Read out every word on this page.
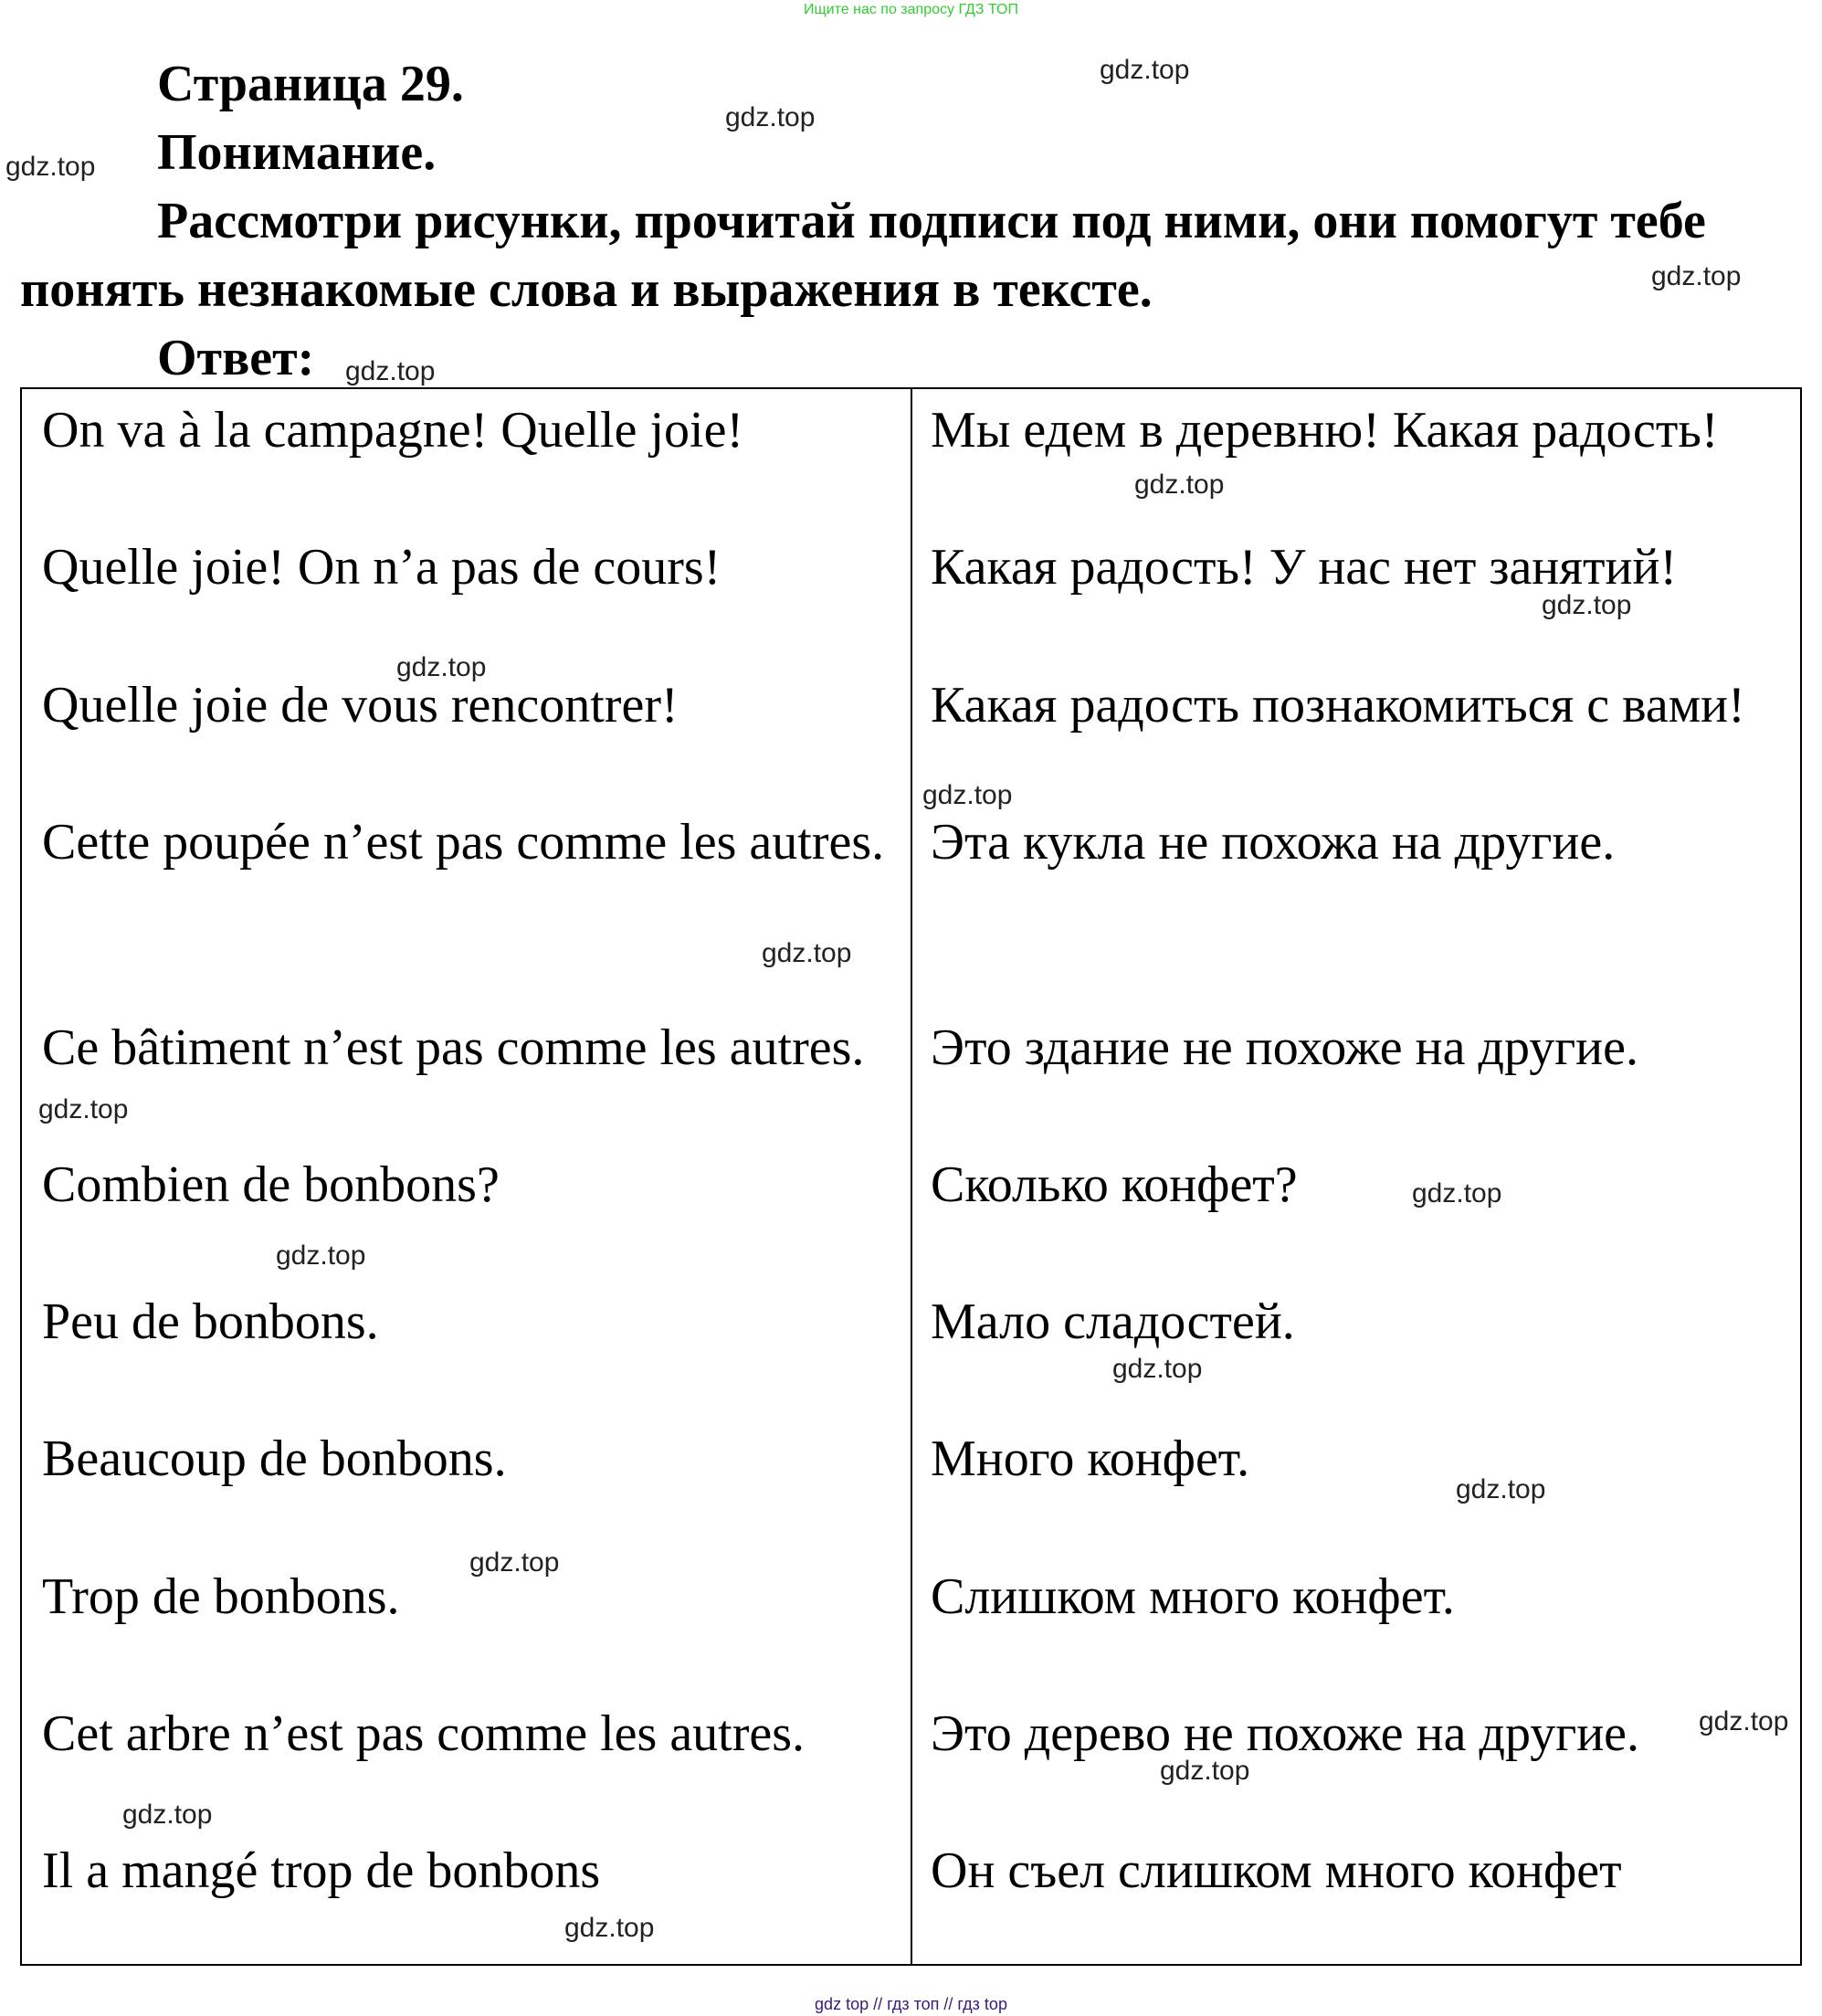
Ищите нас по запросу ГДЗ ТОП
Страница 29.
Понимание.
Рассмотри рисунки, прочитай подписи под ними, они помогут тебе
понять незнакомые слова и выражения в тексте.
Ответ:
On va à la campagne! Quelle joie!	Мы едем в деревню! Какая радость!
Quelle joie! On n’a pas de cours!	Какая радость! У нас нет занятий!
Quelle joie de vous rencontrer!	Какая радость познакомиться с вами!
Cette poupée n’est pas comme les autres. Эта кукла не похожа на другие.
Ce bâtiment n’est pas comme les autres.	Это здание не похоже на другие.
Combien de bonbons?	Сколько конфет?
Peu de bonbons.	Мало сладостей.
Beaucoup de bonbons.	Много конфет.
Trop de bonbons.	Слишком много конфет.
Cet arbre n’est pas comme les autres.	Это дерево не похоже на другие.
Il a mangé trop de bonbons	Он съел слишком много конфет
gdz.top
gdz.top
gdz.top
gdz.top
gdz.top
gdz.top
gdz.top
gdz.top
gdz.top
gdz.top
gdz.top
gdz.top
gdz.top
gdz.top
gdz.top
gdz.top
gdz.top
gdz.top
gdz.top
gdz.top
gdz top // гдз топ // гдз top
